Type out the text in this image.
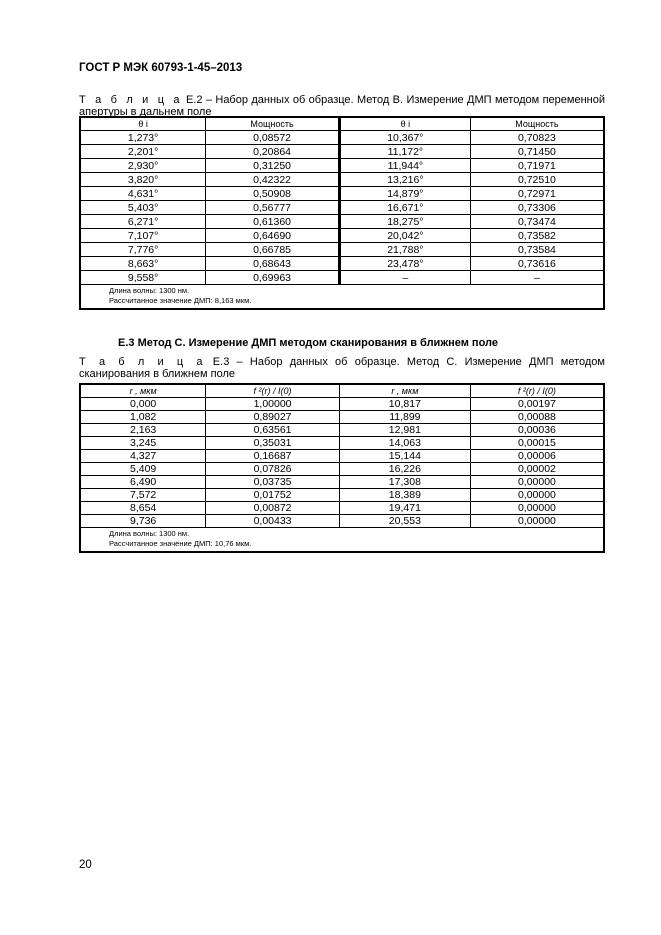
ГОСТ Р МЭК 60793-1-45–2013
Т а б л и ц а Е.2 – Набор данных об образце. Метод В. Измерение ДМП методом переменной апертуры в дальнем поле
θ i	Мощность	θ i	Мощность
1,273°	0,08572	10,367°	0,70823
2,201°	0,20864	11,172°	0,71450
2,930°	0,31250	11,944°	0,71971
3,820°	0,42322	13,216°	0,72510
4,631°	0,50908	14,879°	0,72971
5,403°	0,56777	16,671°	0,73306
6,271°	0,61360	18,275°	0,73474
7,107°	0,64690	20,042°	0,73582
7,776°	0,66785	21,788°	0,73584
8,663°	0,68643	23,478°	0,73616
9,558°	0,69963	–	–

Длина волны: 1300 нм.
Рассчитанное значение ДМП: 8,163 мкм.			
Е.3 Метод С. Измерение ДМП методом сканирования в ближнем поле
Т а б л и ц а Е.3 – Набор данных об образце. Метод С. Измерение ДМП методом сканирования в ближнем поле
r , мкм	f ²(r) / I(0)	r , мкм	f ²(r) / I(0)
0,000	1,00000	10,817	0,00197
1,082	0,89027	11,899	0,00088
2,163	0,63561	12,981	0,00036
3,245	0,35031	14,063	0,00015
4,327	0,16687	15,144	0,00006
5,409	0,07826	16,226	0,00002
6,490	0,03735	17,308	0,00000
7,572	0,01752	18,389	0,00000
8,654	0,00872	19,471	0,00000
9,736	0,00433	20,553	0,00000

Длина волны: 1300 нм.
Рассчитанное значение ДМП: 10,76 мкм.			
20
